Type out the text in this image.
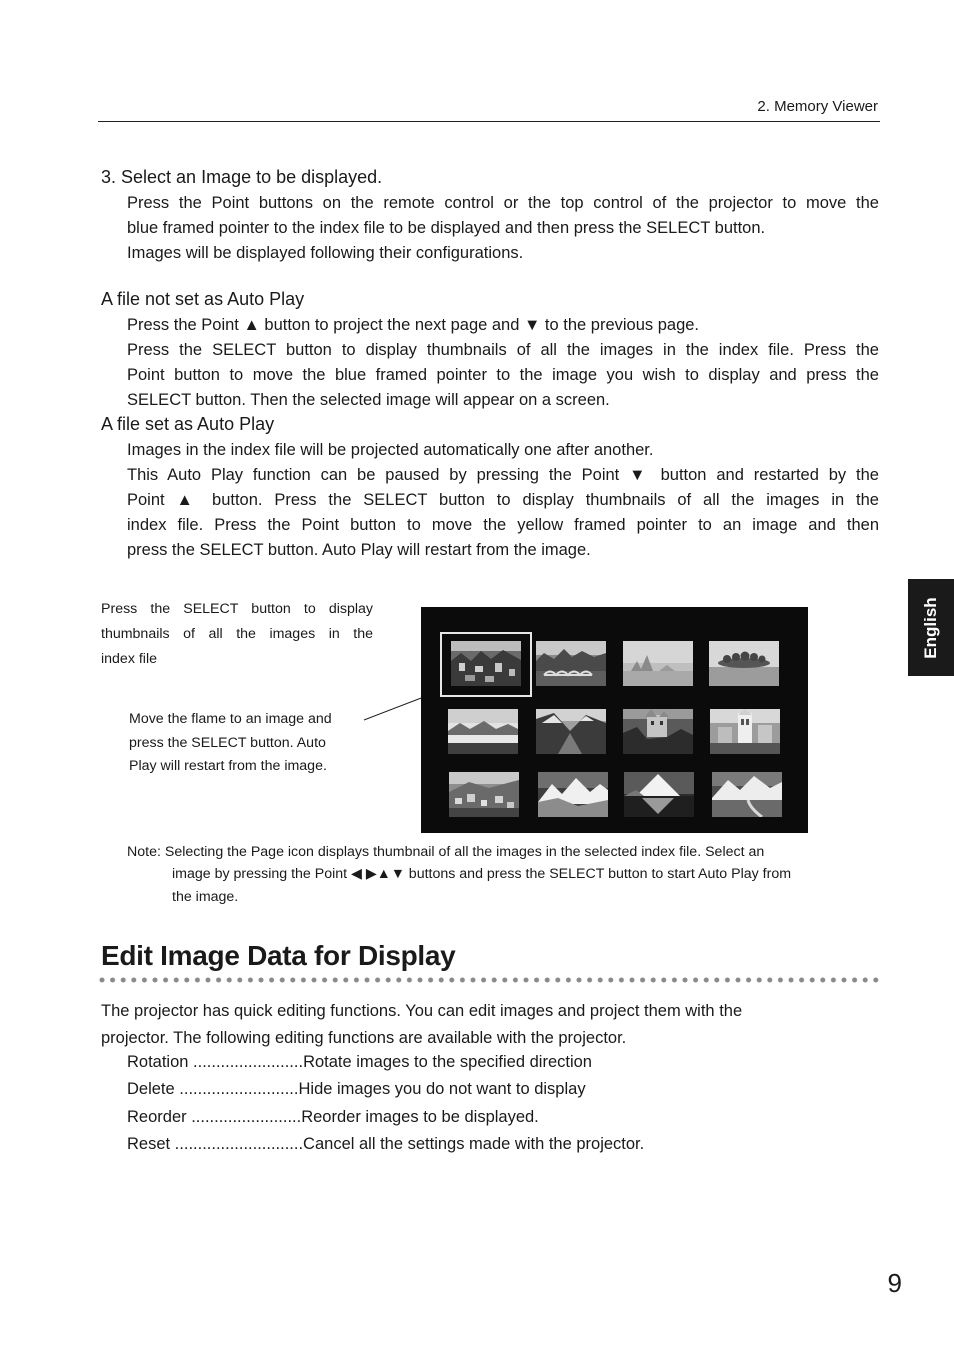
2. Memory Viewer
English
3. Select an Image to be displayed.
Press the Point buttons on the remote control or the top control of the projector to move the
blue framed pointer to the index file to be displayed and then press the SELECT button.
Images will be displayed following their configurations.
A file not set as Auto Play
Press the Point ▲ button to project the next page and ▼ to the previous page.
Press the SELECT button to display thumbnails of all the images in the index file. Press the
Point button to move the blue framed pointer to the image you wish to display and press the
SELECT button. Then the selected image will appear on a screen.
A file set as Auto Play
Images in the index file will be projected automatically one after another.
This Auto Play function can be paused by pressing the Point ▼ button and restarted by the
Point ▲ button. Press the SELECT button to display thumbnails of all the images in the
index file. Press the Point button to move the yellow framed pointer to an image and then
press the SELECT button. Auto Play will restart from the image.
Press the SELECT button to display
thumbnails of all the images in the
index file
Move the flame to an image and
press the SELECT button. Auto
Play will restart from the image.
Note: Selecting the Page icon displays thumbnail of all the images in the selected index file. Select an
image by pressing the Point ◀ ▶▲▼ buttons and press the SELECT button to start Auto Play from
the image.
Edit Image Data for Display
The projector has quick editing functions. You can edit images and project them with the
projector. The following editing functions are available with the projector.
Rotation ........................Rotate images to the specified direction
Delete ..........................Hide images you do not want to display
Reorder ........................Reorder images to be displayed.
Reset ............................Cancel all the settings made with the projector.
9
